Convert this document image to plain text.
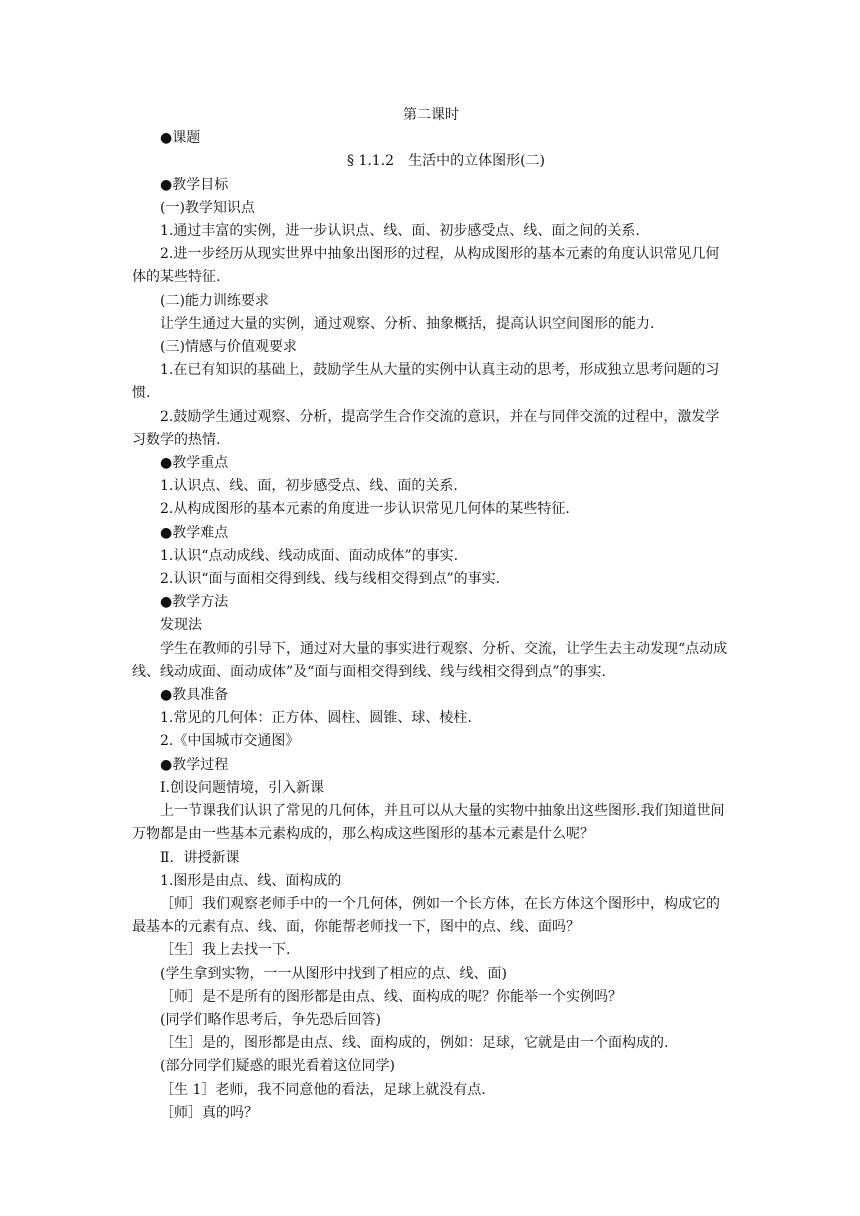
第二课时

●课题

§ 1.1.2　生活中的立体图形(二)

●教学目标

(一)教学知识点

1.通过丰富的实例，进一步认识点、线、面、初步感受点、线、面之间的关系.

2.进一步经历从现实世界中抽象出图形的过程，从构成图形的基本元素的角度认识常见几何体的某些特征.

(二)能力训练要求

让学生通过大量的实例，通过观察、分析、抽象概括，提高认识空间图形的能力.

(三)情感与价值观要求

1.在已有知识的基础上，鼓励学生从大量的实例中认真主动的思考，形成独立思考问题的习惯.

2.鼓励学生通过观察、分析，提高学生合作交流的意识，并在与同伴交流的过程中，激发学习数学的热情.

●教学重点

1.认识点、线、面，初步感受点、线、面的关系.

2.从构成图形的基本元素的角度进一步认识常见几何体的某些特征.

●教学难点

1.认识“点动成线、线动成面、面动成体”的事实.

2.认识“面与面相交得到线、线与线相交得到点”的事实.

●教学方法

发现法

学生在教师的引导下，通过对大量的事实进行观察、分析、交流，让学生去主动发现“点动成线、线动成面、面动成体”及“面与面相交得到线、线与线相交得到点”的事实.

●教具准备

1.常见的几何体：正方体、圆柱、圆锥、球、棱柱.

2.《中国城市交通图》

●教学过程

Ⅰ.创设问题情境，引入新课

上一节课我们认识了常见的几何体，并且可以从大量的实物中抽象出这些图形.我们知道世间万物都是由一些基本元素构成的，那么构成这些图形的基本元素是什么呢？

Ⅱ．讲授新课

1.图形是由点、线、面构成的

［师］我们观察老师手中的一个几何体，例如一个长方体，在长方体这个图形中，构成它的最基本的元素有点、线、面，你能帮老师找一下，图中的点、线、面吗？

［生］我上去找一下.

(学生拿到实物，一一从图形中找到了相应的点、线、面)

［师］是不是所有的图形都是由点、线、面构成的呢？你能举一个实例吗？

(同学们略作思考后，争先恐后回答)

［生］是的，图形都是由点、线、面构成的，例如：足球，它就是由一个面构成的.

(部分同学们疑惑的眼光看着这位同学)

［生 1］老师，我不同意他的看法，足球上就没有点.

［师］真的吗？
